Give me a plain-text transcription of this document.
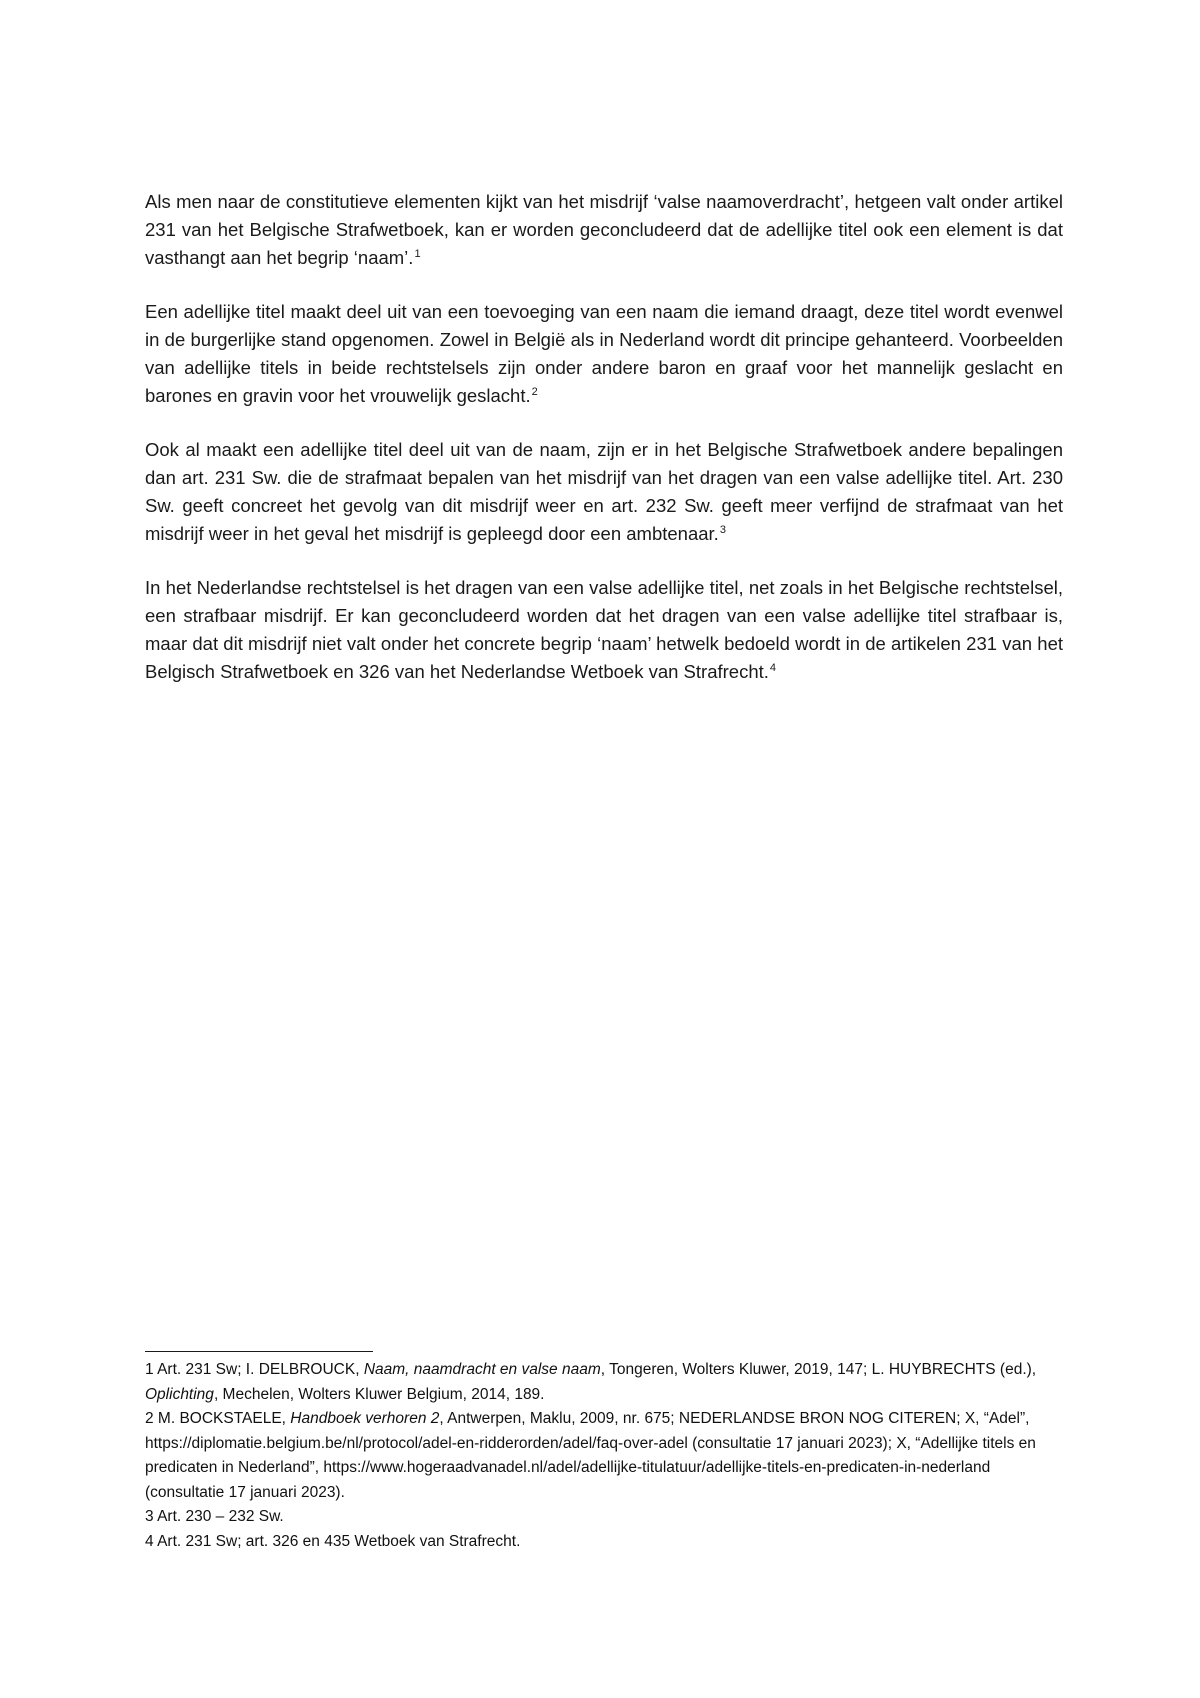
Als men naar de constitutieve elementen kijkt van het misdrijf ‘valse naamoverdracht’, hetgeen valt onder artikel 231 van het Belgische Strafwetboek, kan er worden geconcludeerd dat de adellijke titel ook een element is dat vasthangt aan het begrip ‘naam’.$^1$

Een adellijke titel maakt deel uit van een toevoeging van een naam die iemand draagt, deze titel wordt evenwel in de burgerlijke stand opgenomen. Zowel in België als in Nederland wordt dit principe gehanteerd. Voorbeelden van adellijke titels in beide rechtstelsels zijn onder andere baron en graaf voor het mannelijk geslacht en barones en gravin voor het vrouwelijk geslacht.$^2$

Ook al maakt een adellijke titel deel uit van de naam, zijn er in het Belgische Strafwetboek andere bepalingen dan art. 231 Sw. die de strafmaat bepalen van het misdrijf van het dragen van een valse adellijke titel. Art. 230 Sw. geeft concreet het gevolg van dit misdrijf weer en art. 232 Sw. geeft meer verfijnd de strafmaat van het misdrijf weer in het geval het misdrijf is gepleegd door een ambtenaar.$^3$

In het Nederlandse rechtstelsel is het dragen van een valse adellijke titel, net zoals in het Belgische rechtstelsel, een strafbaar misdrijf. Er kan geconcludeerd worden dat het dragen van een valse adellijke titel strafbaar is, maar dat dit misdrijf niet valt onder het concrete begrip ‘naam’ hetwelk bedoeld wordt in de artikelen 231 van het Belgisch Strafwetboek en 326 van het Nederlandse Wetboek van Strafrecht.$^4$

1 Art. 231 Sw; I. DELBROUCK, Naam, naamdracht en valse naam, Tongeren, Wolters Kluwer, 2019, 147; L. HUYBRECHTS (ed.), Oplichting, Mechelen, Wolters Kluwer Belgium, 2014, 189.

2 M. BOCKSTAELE, Handboek verhoren 2, Antwerpen, Maklu, 2009, nr. 675; NEDERLANDSE BRON NOG CITEREN; X, “Adel”, https://diplomatie.belgium.be/nl/protocol/adel-en-ridderorden/adel/faq-over-adel (consultatie 17 januari 2023); X, “Adellijke titels en predicaten in Nederland”, https://www.hogeraadvanadel.nl/adel/adellijke-titulatuur/adellijke-titels-en-predicaten-in-nederland (consultatie 17 januari 2023).

3 Art. 230 – 232 Sw.

4 Art. 231 Sw; art. 326 en 435 Wetboek van Strafrecht.
